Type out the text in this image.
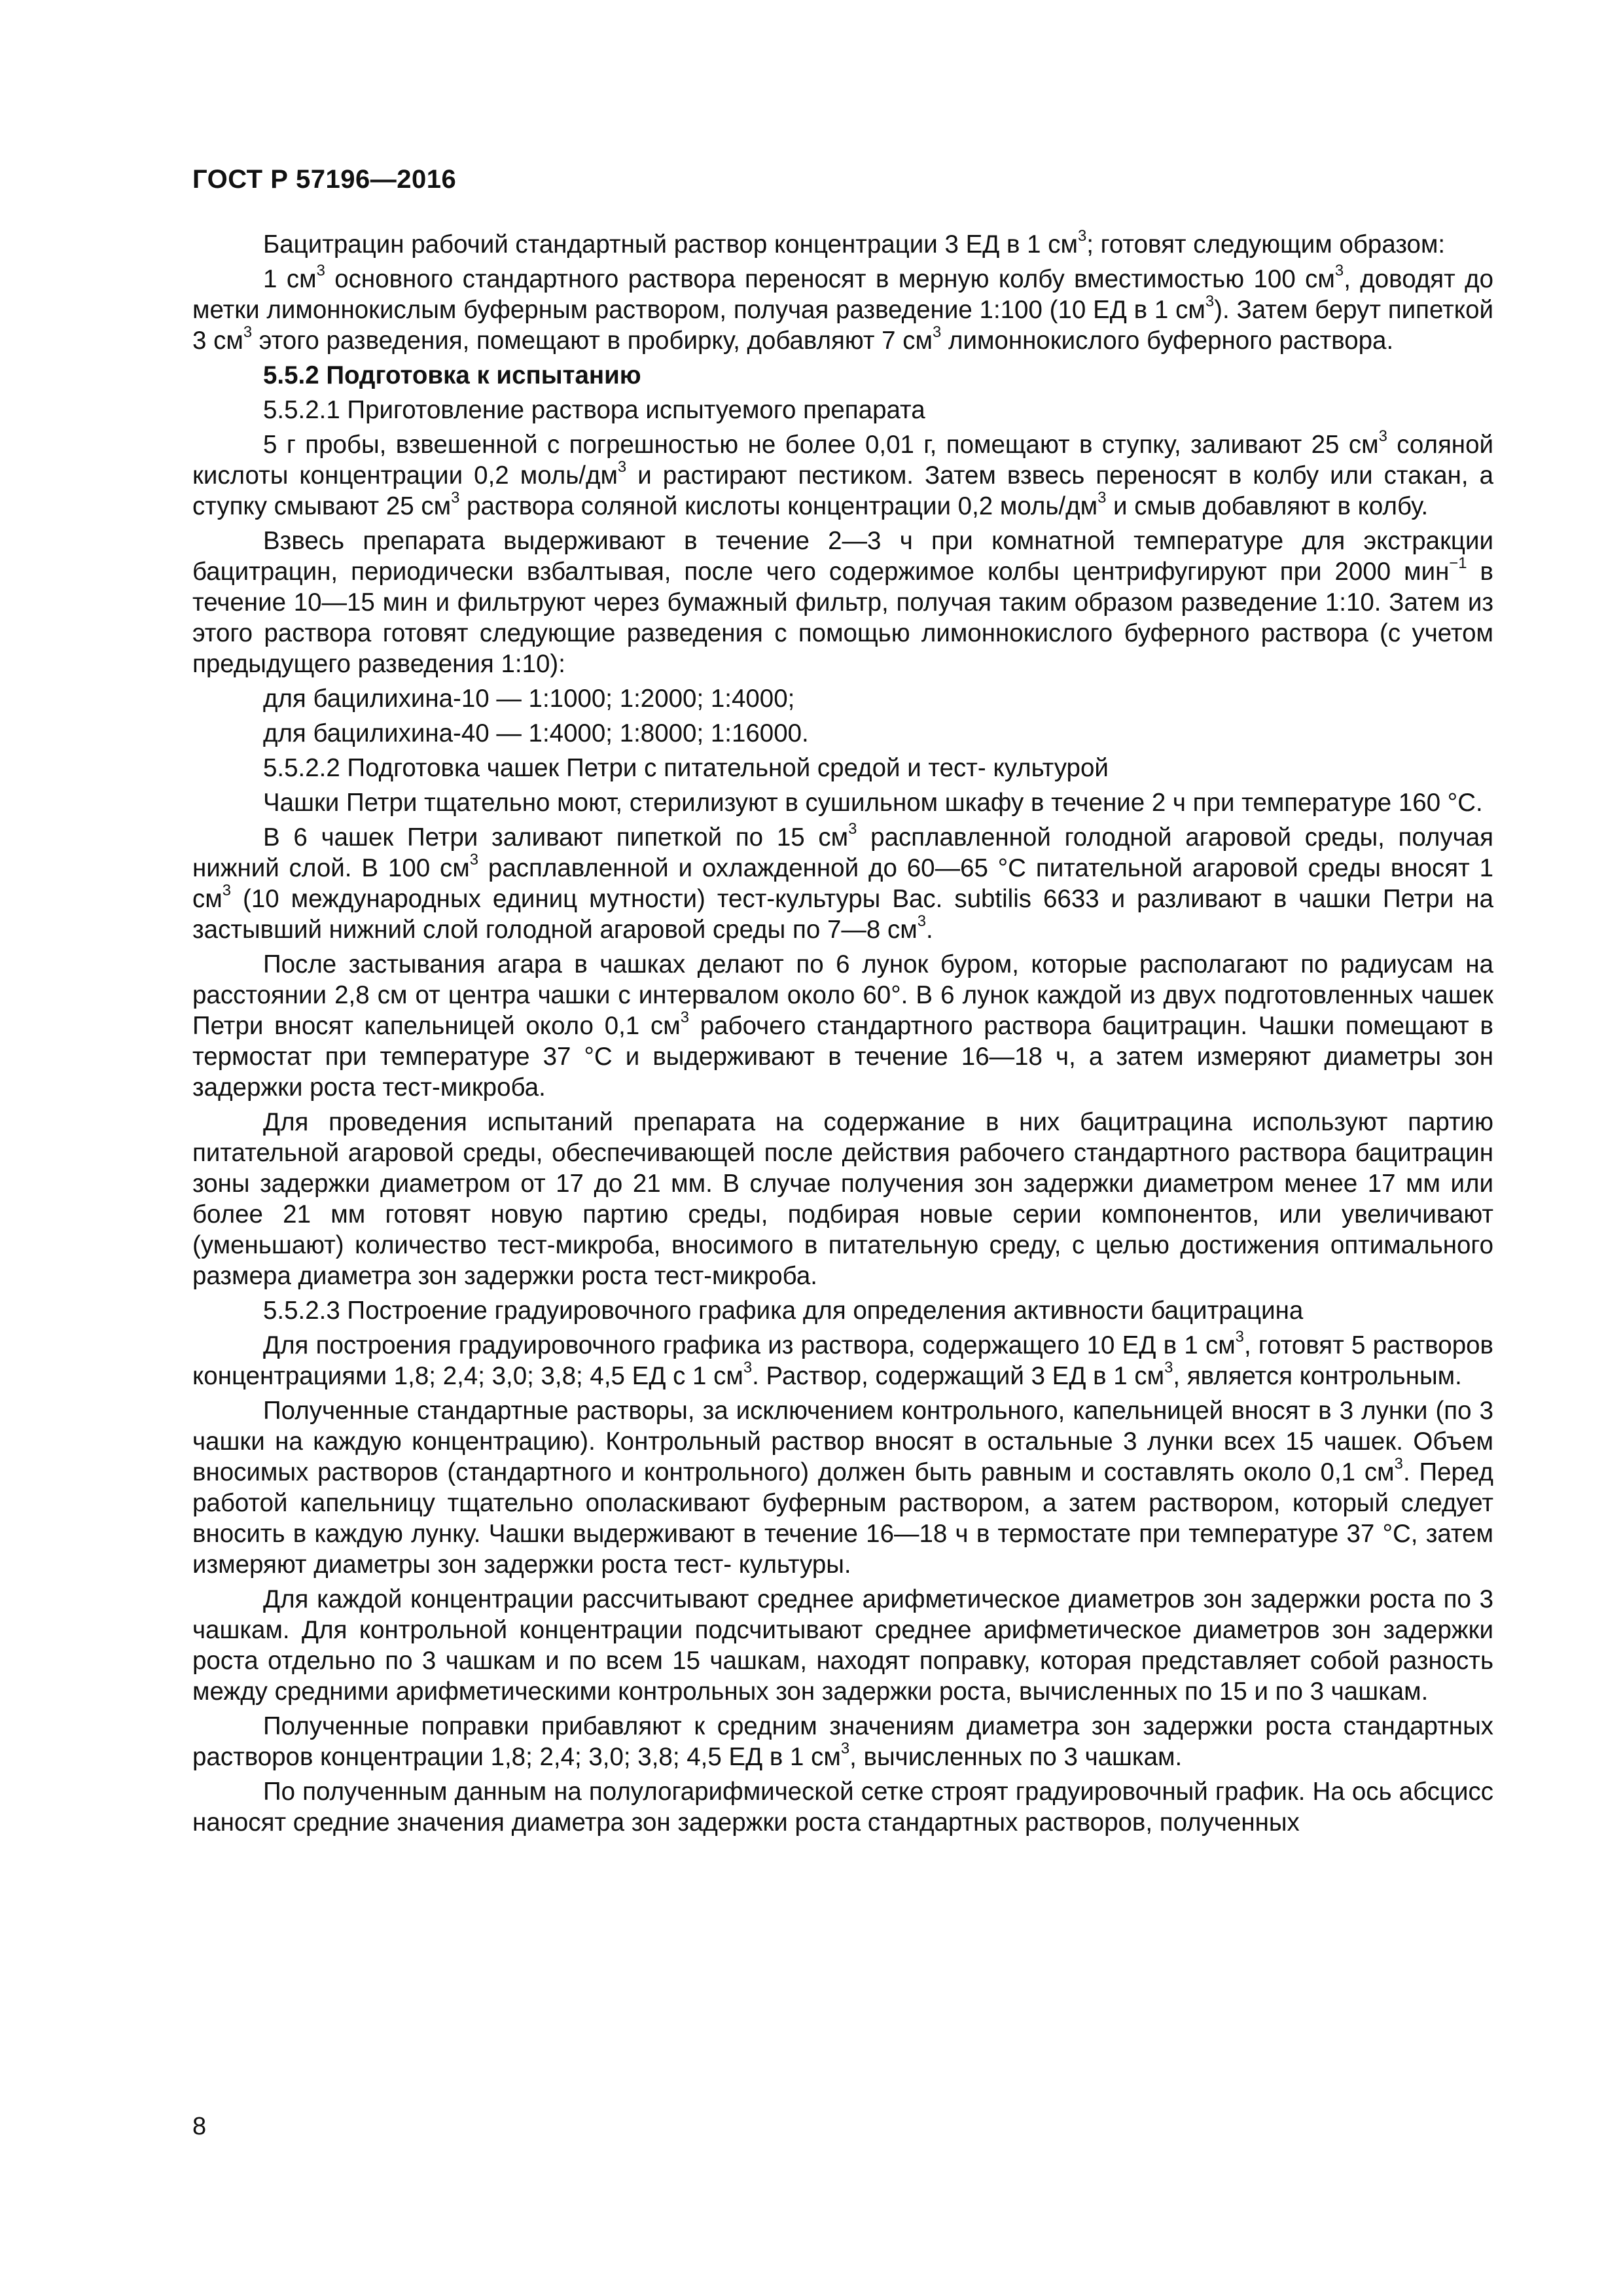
ГОСТ Р 57196—2016

Бацитрацин рабочий стандартный раствор концентрации 3 ЕД в 1 $см^3$; готовят следующим образом:

1 $см^3$ основного стандартного раствора переносят в мерную колбу вместимостью 100 $см^3$, доводят до метки лимоннокислым буферным раствором, получая разведение 1:100 (10 ЕД в 1 $см^3$). Затем берут пипеткой 3 $см^3$ этого разведения, помещают в пробирку, добавляют 7 $см^3$ лимоннокислого буферного раствора.

5.5.2 Подготовка к испытанию

5.5.2.1 Приготовление раствора испытуемого препарата

5 г пробы, взвешенной с погрешностью не более 0,01 г, помещают в ступку, заливают 25 $см^3$ соляной кислоты концентрации 0,2 моль/$дм^3$ и растирают пестиком. Затем взвесь переносят в колбу или стакан, а ступку смывают 25 $см^3$ раствора соляной кислоты концентрации 0,2 моль/$дм^3$ и смыв добавляют в колбу.

Взвесь препарата выдерживают в течение 2—3 ч при комнатной температуре для экстракции бацитрацин, периодически взбалтывая, после чего содержимое колбы центрифугируют при 2000 мин$^{-1}$ в течение 10—15 мин и фильтруют через бумажный фильтр, получая таким образом разведение 1:10. Затем из этого раствора готовят следующие разведения с помощью лимоннокислого буферного раствора (с учетом предыдущего разведения 1:10):

для бацилихина-10 — 1:1000; 1:2000; 1:4000;

для бацилихина-40 — 1:4000; 1:8000; 1:16000.

5.5.2.2 Подготовка чашек Петри с питательной средой и тест- культурой

Чашки Петри тщательно моют, стерилизуют в сушильном шкафу в течение 2 ч при температуре 160 °С.

В 6 чашек Петри заливают пипеткой по 15 $см^3$ расплавленной голодной агаровой среды, получая нижний слой. В 100 $см^3$ расплавленной и охлажденной до 60—65 °С питательной агаровой среды вносят 1 $см^3$ (10 международных единиц мутности) тест-культуры Bac. subtilis 6633 и разливают в чашки Петри на застывший нижний слой голодной агаровой среды по 7—8 $см^3$.

После застывания агара в чашках делают по 6 лунок буром, которые располагают по радиусам на расстоянии 2,8 см от центра чашки с интервалом около 60°. В 6 лунок каждой из двух подготовленных чашек Петри вносят капельницей около 0,1 $см^3$ рабочего стандартного раствора бацитрацин. Чашки помещают в термостат при температуре 37 °С и выдерживают в течение 16—18 ч, а затем измеряют диаметры зон задержки роста тест-микроба.

Для проведения испытаний препарата на содержание в них бацитрацина используют партию питательной агаровой среды, обеспечивающей после действия рабочего стандартного раствора бацитрацин зоны задержки диаметром от 17 до 21 мм. В случае получения зон задержки диаметром менее 17 мм или более 21 мм готовят новую партию среды, подбирая новые серии компонентов, или увеличивают (уменьшают) количество тест-микроба, вносимого в питательную среду, с целью достижения оптимального размера диаметра зон задержки роста тест-микроба.

5.5.2.3 Построение градуировочного графика для определения активности бацитрацина

Для построения градуировочного графика из раствора, содержащего 10 ЕД в 1 $см^3$, готовят 5 растворов концентрациями 1,8; 2,4; 3,0; 3,8; 4,5 ЕД с 1 $см^3$. Раствор, содержащий 3 ЕД в 1 $см^3$, является контрольным.

Полученные стандартные растворы, за исключением контрольного, капельницей вносят в 3 лунки (по 3 чашки на каждую концентрацию). Контрольный раствор вносят в остальные 3 лунки всех 15 чашек. Объем вносимых растворов (стандартного и контрольного) должен быть равным и составлять около 0,1 $см^3$. Перед работой капельницу тщательно ополаскивают буферным раствором, а затем раствором, который следует вносить в каждую лунку. Чашки выдерживают в течение 16—18 ч в термостате при температуре 37 °С, затем измеряют диаметры зон задержки роста тест- культуры.

Для каждой концентрации рассчитывают среднее арифметическое диаметров зон задержки роста по 3 чашкам. Для контрольной концентрации подсчитывают среднее арифметическое диаметров зон задержки роста отдельно по 3 чашкам и по всем 15 чашкам, находят поправку, которая представляет собой разность между средними арифметическими контрольных зон задержки роста, вычисленных по 15 и по 3 чашкам.

Полученные поправки прибавляют к средним значениям диаметра зон задержки роста стандартных растворов концентрации 1,8; 2,4; 3,0; 3,8; 4,5 ЕД в 1 $см^3$, вычисленных по 3 чашкам.

По полученным данным на полулогарифмической сетке строят градуировочный график. На ось абсцисс наносят средние значения диаметра зон задержки роста стандартных растворов, полученных

8
